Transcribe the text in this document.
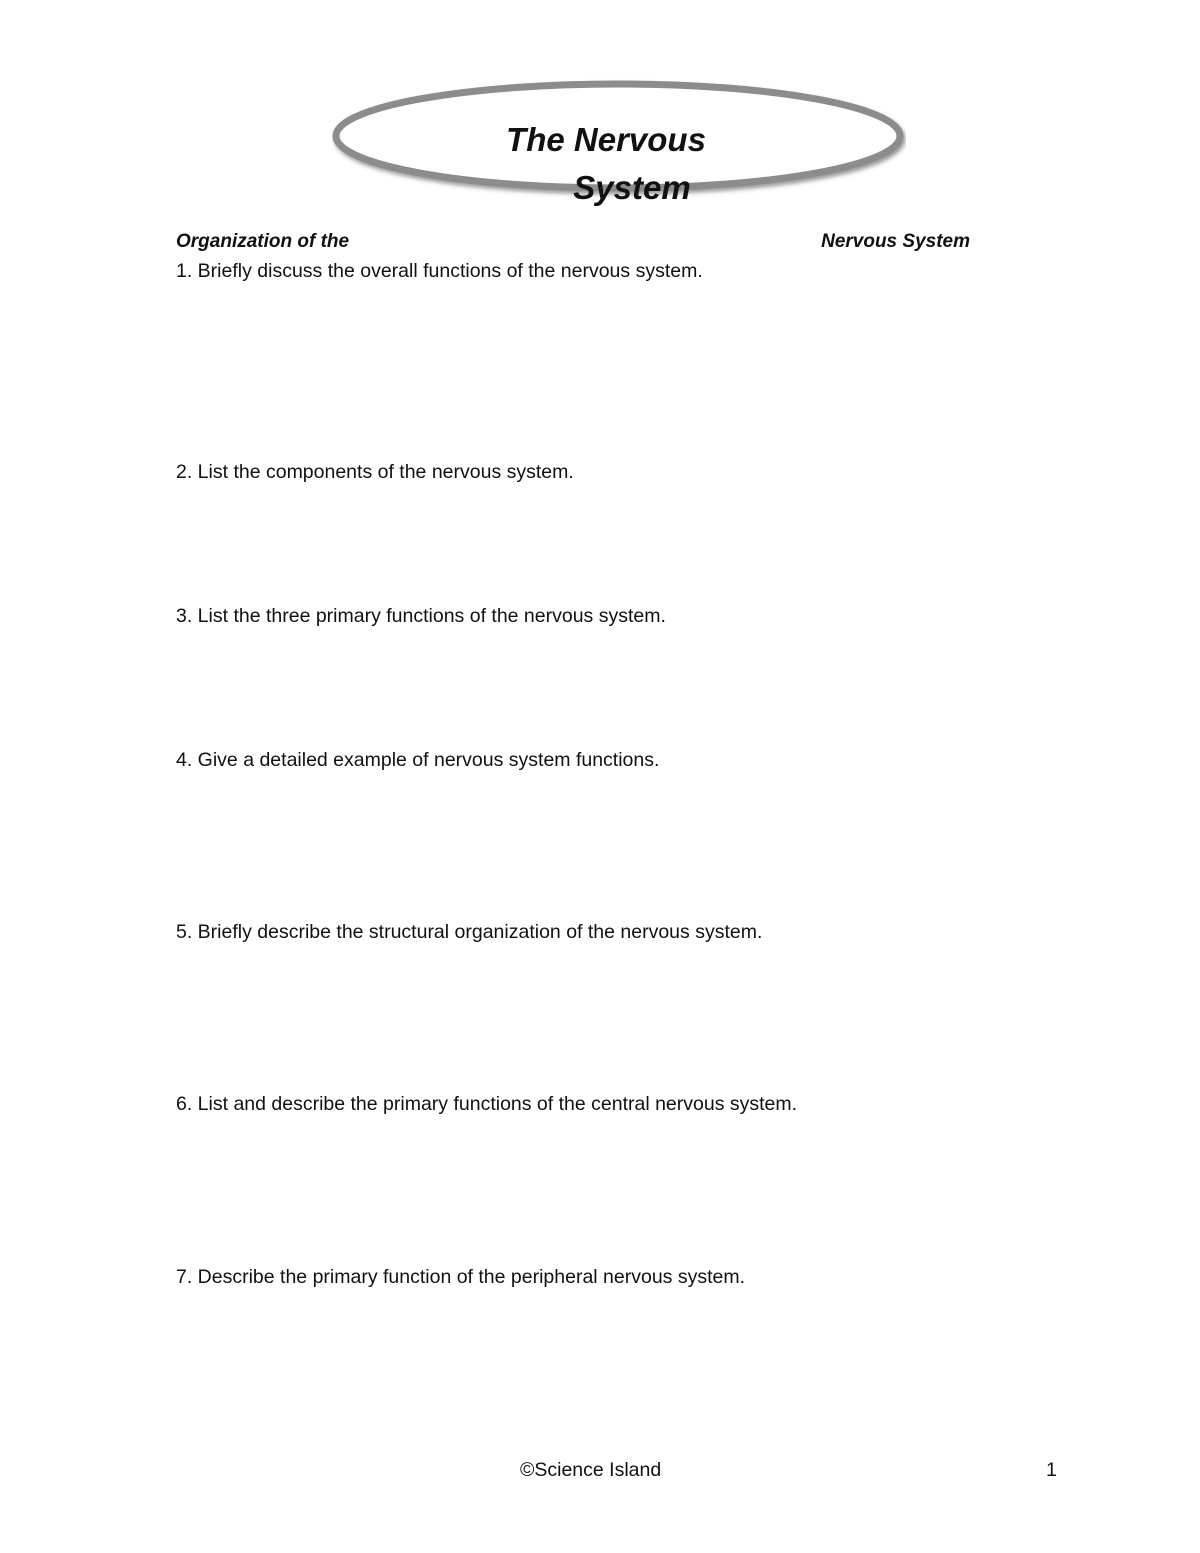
The Nervous
System
Organization of the	Nervous System
1. Briefly discuss the overall functions of the nervous system.
2. List the components of the nervous system.
3. List the three primary functions of the nervous system.
4. Give a detailed example of nervous system functions.
5. Briefly describe the structural organization of the nervous system.
6. List and describe the primary functions of the central nervous system.
7. Describe the primary function of the peripheral nervous system.
©Science Island	1
